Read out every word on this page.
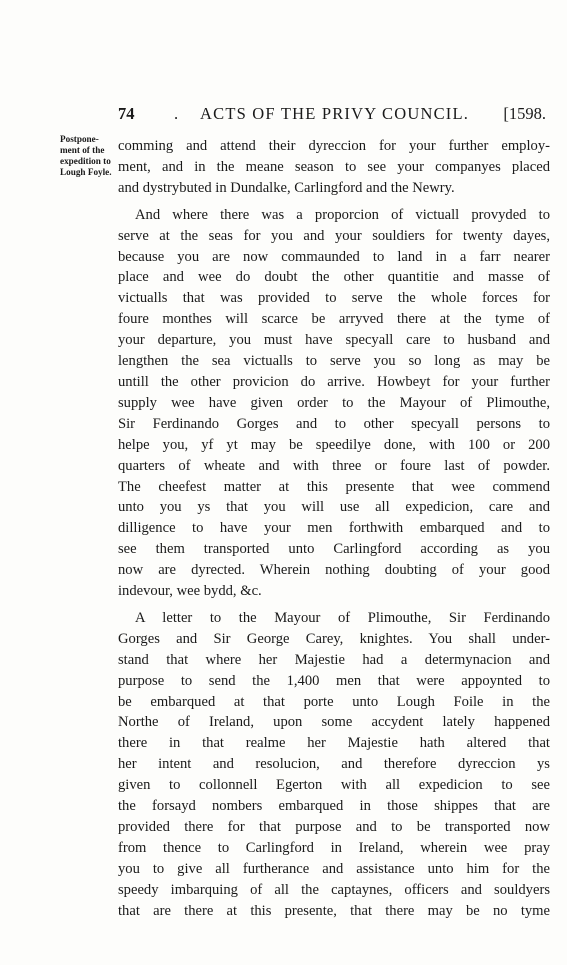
74 . ACTS OF THE PRIVY COUNCIL. [1598.
Postpone-
ment of the
expedition to
Lough Foyle.

comming and attend their dyreccion for your further employ-
ment, and in the meane season to see your companyes placed
and dystrybuted in Dundalke, Carlingford and the Newry.

And where there was a proporcion of victuall provyded to
serve at the seas for you and your souldiers for twenty dayes,
because you are now commaunded to land in a farr nearer
place and wee do doubt the other quantitie and masse of
victualls that was provided to serve the whole forces for
foure monthes will scarce be arryved there at the tyme of
your departure, you must have specyall care to husband and
lengthen the sea victualls to serve you so long as may be
untill the other provicion do arrive. Howbeyt for your further
supply wee have given order to the Mayour of Plimouthe,
Sir Ferdinando Gorges and to other specyall persons to
helpe you, yf yt may be speedilye done, with 100 or 200
quarters of wheate and with three or foure last of powder.
The cheefest matter at this presente that wee commend
unto you ys that you will use all expedicion, care and
dilligence to have your men forthwith embarqued and to
see them transported unto Carlingford according as you
now are dyrected. Wherein nothing doubting of your good
indevour, wee bydd, &c.

A letter to the Mayour of Plimouthe, Sir Ferdinando
Gorges and Sir George Carey, knightes. You shall under-
stand that where her Majestie had a determynacion and
purpose to send the 1,400 men that were appoynted to
be embarqued at that porte unto Lough Foile in the
Northe of Ireland, upon some accydent lately happened
there in that realme her Majestie hath altered that
her intent and resolucion, and therefore dyreccion ys
given to collonnell Egerton with all expedicion to see
the forsayd nombers embarqued in those shippes that are
provided there for that purpose and to be transported now
from thence to Carlingford in Ireland, wherein wee pray
you to give all furtherance and assistance unto him for the
speedy imbarquing of all the captaynes, officers and souldyers
that are there at this presente, that there may be no tyme
